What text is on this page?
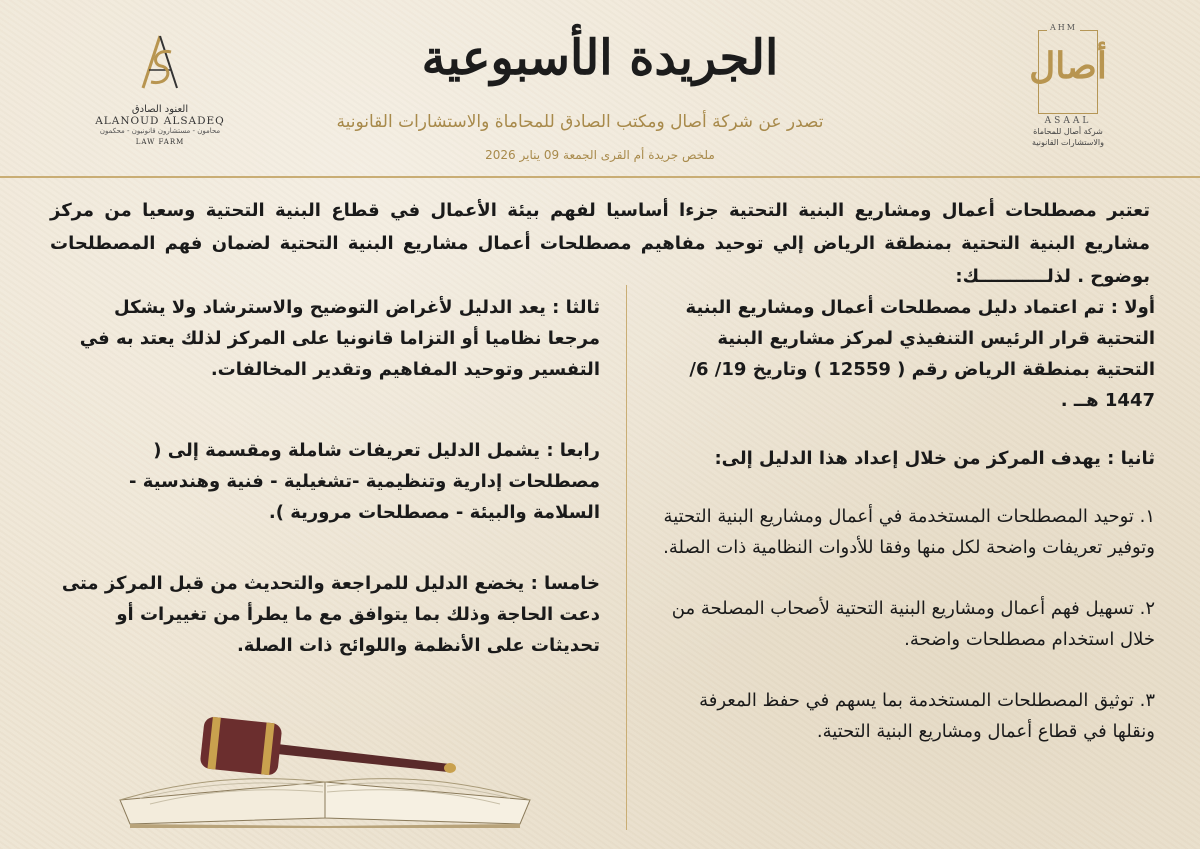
العنود الصادق
ALANOUD ALSADEQ
محامون - مستشارون قانونيون - محكمون
LAW FARM
الجريدة الأسبوعية
تصدر عن شركة أصال ومكتب الصادق للمحاماة والاستشارات القانونية
ملخص جريدة أم القرى الجمعة 09 يناير 2026
AHM
أصال
ASAAL
شركة أصال للمحاماة
والاستشارات القانونية
تعتبر مصطلحات أعمال ومشاريع البنية التحتية جزءا أساسيا لفهم بيئة الأعمال في قطاع البنية التحتية وسعيا من مركز مشاريع البنية التحتية بمنطقة الرياض إلي توحيد مفاهيم مصطلحات أعمال مشاريع البنية التحتية لضمان فهم المصطلحات بوضوح . لذلـــــــــــك:
أولا : تم اعتماد دليل مصطلحات أعمال ومشاريع البنية التحتية قرار الرئيس التنفيذي لمركز مشاريع البنية التحتية بمنطقة الرياض رقم ( 12559 ) وتاريخ 19/ 6/ 1447 هــ .
ثانيا : يهدف المركز من خلال إعداد هذا الدليل إلى:
١. توحيد المصطلحات المستخدمة في أعمال ومشاريع البنية التحتية وتوفير تعريفات واضحة لكل منها وفقا للأدوات النظامية ذات الصلة.
٢. تسهيل فهم أعمال ومشاريع البنية التحتية لأصحاب المصلحة من خلال استخدام مصطلحات واضحة.
٣. توثيق المصطلحات المستخدمة بما يسهم في حفظ المعرفة ونقلها في قطاع أعمال ومشاريع البنية التحتية.
ثالثا : يعد الدليل لأغراض التوضيح والاسترشاد ولا يشكل مرجعا نظاميا أو التزاما قانونيا على المركز لذلك يعتد به في التفسير وتوحيد المفاهيم وتقدير المخالفات.
رابعا : يشمل الدليل تعريفات شاملة ومقسمة إلى ( مصطلحات إدارية وتنظيمية -تشغيلية - فنية وهندسية - السلامة والبيئة - مصطلحات مرورية ).
خامسا : يخضع الدليل للمراجعة والتحديث من قبل المركز متى دعت الحاجة وذلك بما يتوافق مع ما يطرأ من تغييرات أو تحديثات على الأنظمة واللوائح ذات الصلة.
